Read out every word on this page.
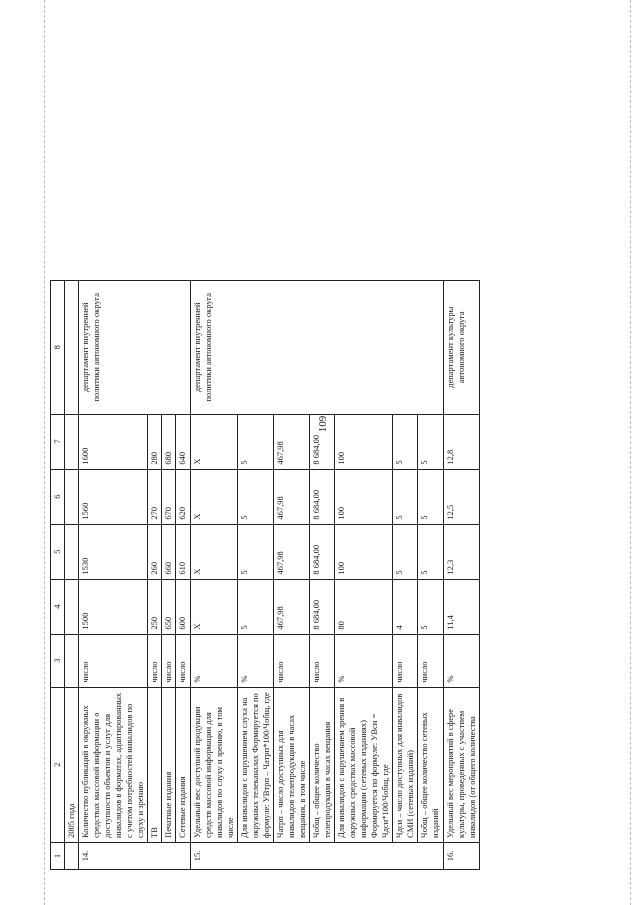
109
1	2	3	4	5	6	7	8
	2005 года						
14.	Количество публикаций в окружных средствах массовой информации о доступности объектов и услуг для инвалидов в форматах, адаптированных с учетом потребностей инвалидов по слуху и зрению	число	1500	1530	1560	1600	департамент внутренней политики автономного округа
	ТВ	число	250	260	270	280	
	Печатные издания	число	650	660	670	680	
	Сетевые издания	число	600	610	620	640	
15.	Удельный вес доступной продукции средств массовой информации для инвалидов по слуху и зрению, в том числе	%	X	X	X	X	департамент внутренней политики автономного округа
	Для инвалидов с нарушением слуха на окружных телеканалах Формируется по формуле: УВтрп – Чатрп*100/Чобщ, где	%	5	5	5	5	
	Чатрп – число доступных для инвалидов телепродукции в часах вещания, в том числе	число	467,98	467,98	467,98	467,98	
	Чобщ – общее количество телепродукции в часах вещания	число	8 684,00	8 684,00	8 684,00	8 684,00	
	Для инвалидов с нарушением зрения в окружных средствах массовой информации (сетевых изданиях) Формируется по формуле: УВси = Чдси*100/Чобщ, где	%	80	100	100	100	
	Чдси – число доступных для инвалидов СМИ (сетевых изданий)	число	4	5	5	5	
	Чобщ – общее количество сетевых изданий	число	5	5	5	5	
16.	Удельный вес мероприятий в сфере культуры, проведенных с участием инвалидов (от общего количества	%	11,4	12,3	12,5	12,8	департамент культуры автономного округа
